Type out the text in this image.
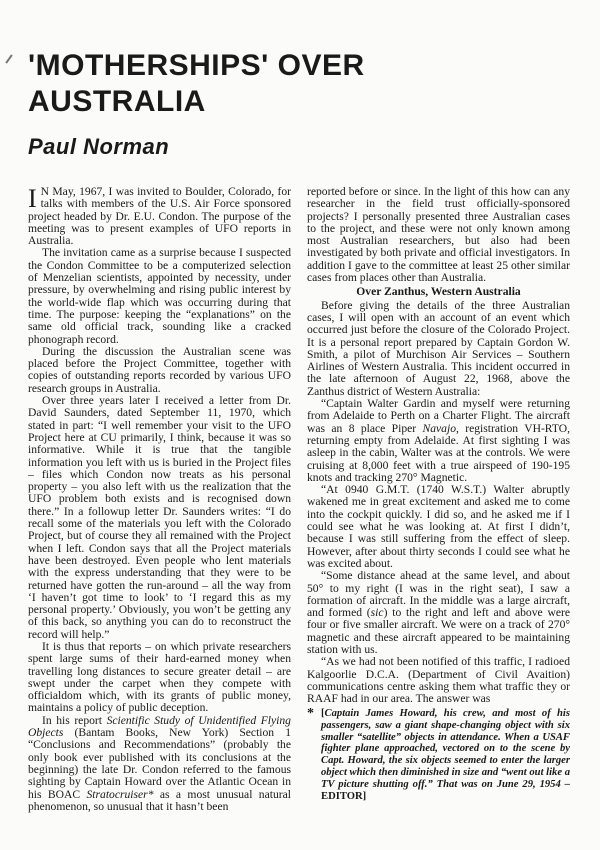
'MOTHERSHIPS' OVER AUSTRALIA
Paul Norman

I N May, 1967, I was invited to Boulder, Colorado, for talks with members of the U.S. Air Force sponsored project headed by Dr. E.U. Condon. The purpose of the meeting was to present examples of UFO reports in Australia.

The invitation came as a surprise because I suspected the Condon Committee to be a computerized selection of Menzelian scientists, appointed by necessity, under pressure, by overwhelming and rising public interest by the world-wide flap which was occurring during that time. The purpose: keeping the “explanations” on the same old official track, sounding like a cracked phonograph record.

During the discussion the Australian scene was placed before the Project Committee, together with copies of outstanding reports recorded by various UFO research groups in Australia.

Over three years later I received a letter from Dr. David Saunders, dated September 11, 1970, which stated in part: “I well remember your visit to the UFO Project here at CU primarily, I think, because it was so informative. While it is true that the tangible information you left with us is buried in the Project files – files which Condon now treats as his personal property – you also left with us the realization that the UFO problem both exists and is recognised down there.” In a followup letter Dr. Saunders writes: “I do recall some of the materials you left with the Colorado Project, but of course they all remained with the Project when I left. Condon says that all the Project materials have been destroyed. Even people who lent materials with the express understanding that they were to be returned have gotten the run-around – all the way from ‘I haven’t got time to look’ to ‘I regard this as my personal property.’ Obviously, you won’t be getting any of this back, so anything you can do to reconstruct the record will help.”

It is thus that reports – on which private researchers spent large sums of their hard-earned money when travelling long distances to secure greater detail – are swept under the carpet when they compete with officialdom which, with its grants of public money, maintains a policy of public deception.

In his report Scientific Study of Unidentified Flying Objects (Bantam Books, New York) Section 1 “Conclusions and Recommendations” (probably the only book ever published with its conclusions at the beginning) the late Dr. Condon referred to the famous sighting by Captain Howard over the Atlantic Ocean in his BOAC Stratocruiser* as a most unusual natural phenomenon, so unusual that it hasn’t been

reported before or since. In the light of this how can any researcher in the field trust officially-sponsored projects? I personally presented three Australian cases to the project, and these were not only known among most Australian researchers, but also had been investigated by both private and official investigators. In addition I gave to the committee at least 25 other similar cases from places other than Australia.

Over Zanthus, Western Australia

Before giving the details of the three Australian cases, I will open with an account of an event which occurred just before the closure of the Colorado Project. It is a personal report prepared by Captain Gordon W. Smith, a pilot of Murchison Air Services – Southern Airlines of Western Australia. This incident occurred in the late afternoon of August 22, 1968, above the Zanthus district of Western Australia:

“Captain Walter Gardin and myself were returning from Adelaide to Perth on a Charter Flight. The aircraft was an 8 place Piper Navajo, registration VH-RTO, returning empty from Adelaide. At first sighting I was asleep in the cabin, Walter was at the controls. We were cruising at 8,000 feet with a true airspeed of 190-195 knots and tracking 270° Magnetic.

“At 0940 G.M.T. (1740 W.S.T.) Walter abruptly wakened me in great excitement and asked me to come into the cockpit quickly. I did so, and he asked me if I could see what he was looking at. At first I didn’t, because I was still suffering from the effect of sleep. However, after about thirty seconds I could see what he was excited about.

“Some distance ahead at the same level, and about 50° to my right (I was in the right seat), I saw a formation of aircraft. In the middle was a large aircraft, and formed (sic) to the right and left and above were four or five smaller aircraft. We were on a track of 270° magnetic and these aircraft appeared to be maintaining station with us.

“As we had not been notified of this traffic, I radioed Kalgoorlie D.C.A. (Department of Civil Avaition) communications centre asking them what traffic they or RAAF had in our area. The answer was

* [Captain James Howard, his crew, and most of his passengers, saw a giant shape-changing object with six smaller “satellite” objects in attendance. When a USAF fighter plane approached, vectored on to the scene by Capt. Howard, the six objects seemed to enter the larger object which then diminished in size and “went out like a TV picture shutting off.” That was on June 29, 1954 – EDITOR]
